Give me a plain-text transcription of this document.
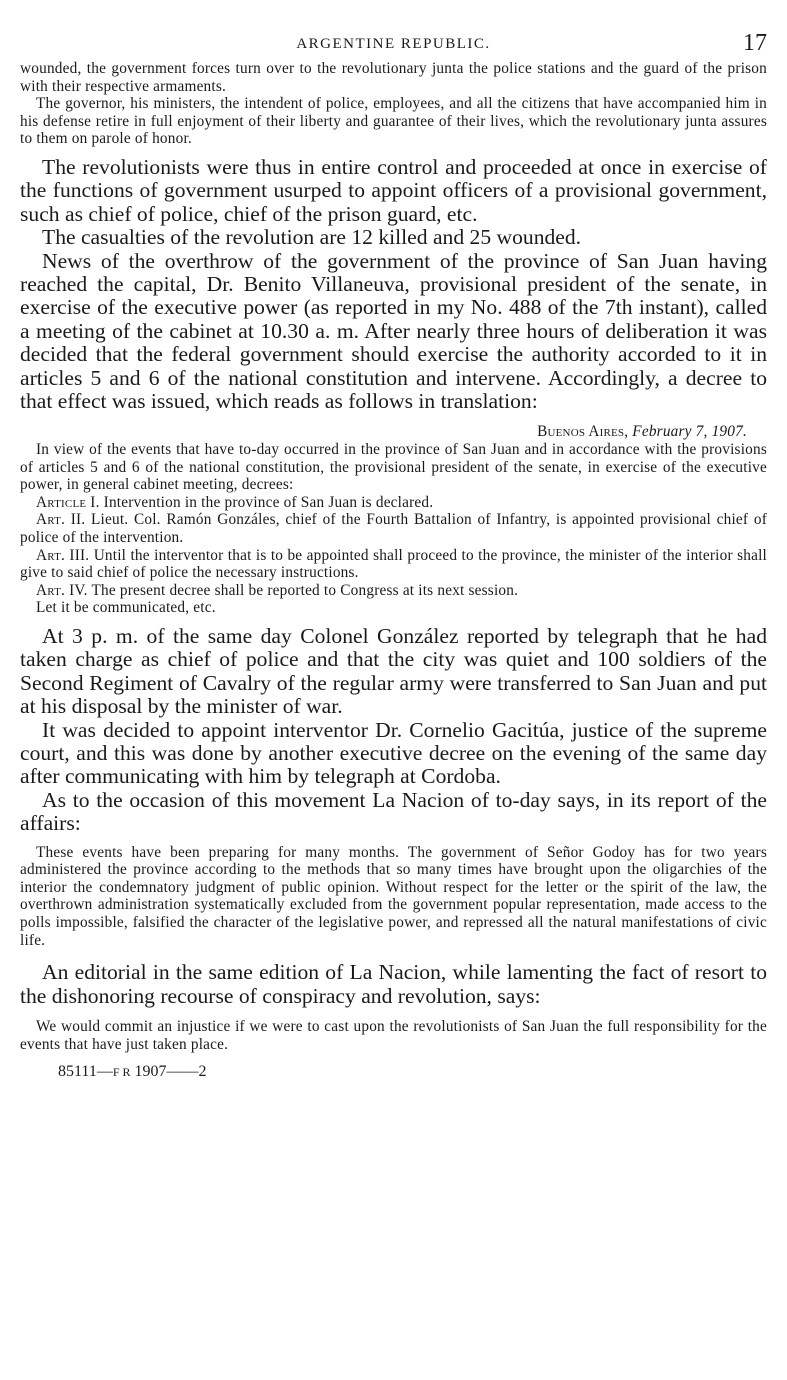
ARGENTINE REPUBLIC.	17

wounded, the government forces turn over to the revolutionary junta the police stations and the guard of the prison with their respective armaments.

The governor, his ministers, the intendent of police, employees, and all the citizens that have accompanied him in his defense retire in full enjoyment of their liberty and guarantee of their lives, which the revolutionary junta assures to them on parole of honor.

The revolutionists were thus in entire control and proceeded at once in exercise of the functions of government usurped to appoint officers of a provisional government, such as chief of police, chief of the prison guard, etc.

The casualties of the revolution are 12 killed and 25 wounded.

News of the overthrow of the government of the province of San Juan having reached the capital, Dr. Benito Villaneuva, provisional president of the senate, in exercise of the executive power (as reported in my No. 488 of the 7th instant), called a meeting of the cabinet at 10.30 a. m. After nearly three hours of deliberation it was decided that the federal government should exercise the authority accorded to it in articles 5 and 6 of the national constitution and intervene. Accordingly, a decree to that effect was issued, which reads as follows in translation:

Buenos Aires, February 7, 1907.

In view of the events that have to-day occurred in the province of San Juan and in accordance with the provisions of articles 5 and 6 of the national constitution, the provisional president of the senate, in exercise of the executive power, in general cabinet meeting, decrees:

Article I. Intervention in the province of San Juan is declared.

Art. II. Lieut. Col. Ramón Gonzáles, chief of the Fourth Battalion of Infantry, is appointed provisional chief of police of the intervention.

Art. III. Until the interventor that is to be appointed shall proceed to the province, the minister of the interior shall give to said chief of police the necessary instructions.

Art. IV. The present decree shall be reported to Congress at its next session.

Let it be communicated, etc.

At 3 p. m. of the same day Colonel González reported by telegraph that he had taken charge as chief of police and that the city was quiet and 100 soldiers of the Second Regiment of Cavalry of the regular army were transferred to San Juan and put at his disposal by the minister of war.

It was decided to appoint interventor Dr. Cornelio Gacitúa, justice of the supreme court, and this was done by another executive decree on the evening of the same day after communicating with him by telegraph at Cordoba.

As to the occasion of this movement La Nacion of to-day says, in its report of the affairs:

These events have been preparing for many months. The government of Señor Godoy has for two years administered the province according to the methods that so many times have brought upon the oligarchies of the interior the condemnatory judgment of public opinion. Without respect for the letter or the spirit of the law, the overthrown administration systematically excluded from the government popular representation, made access to the polls impossible, falsified the character of the legislative power, and repressed all the natural manifestations of civic life.

An editorial in the same edition of La Nacion, while lamenting the fact of resort to the dishonoring recourse of conspiracy and revolution, says:

We would commit an injustice if we were to cast upon the revolutionists of San Juan the full responsibility for the events that have just taken place.

85111—F R 1907——2
